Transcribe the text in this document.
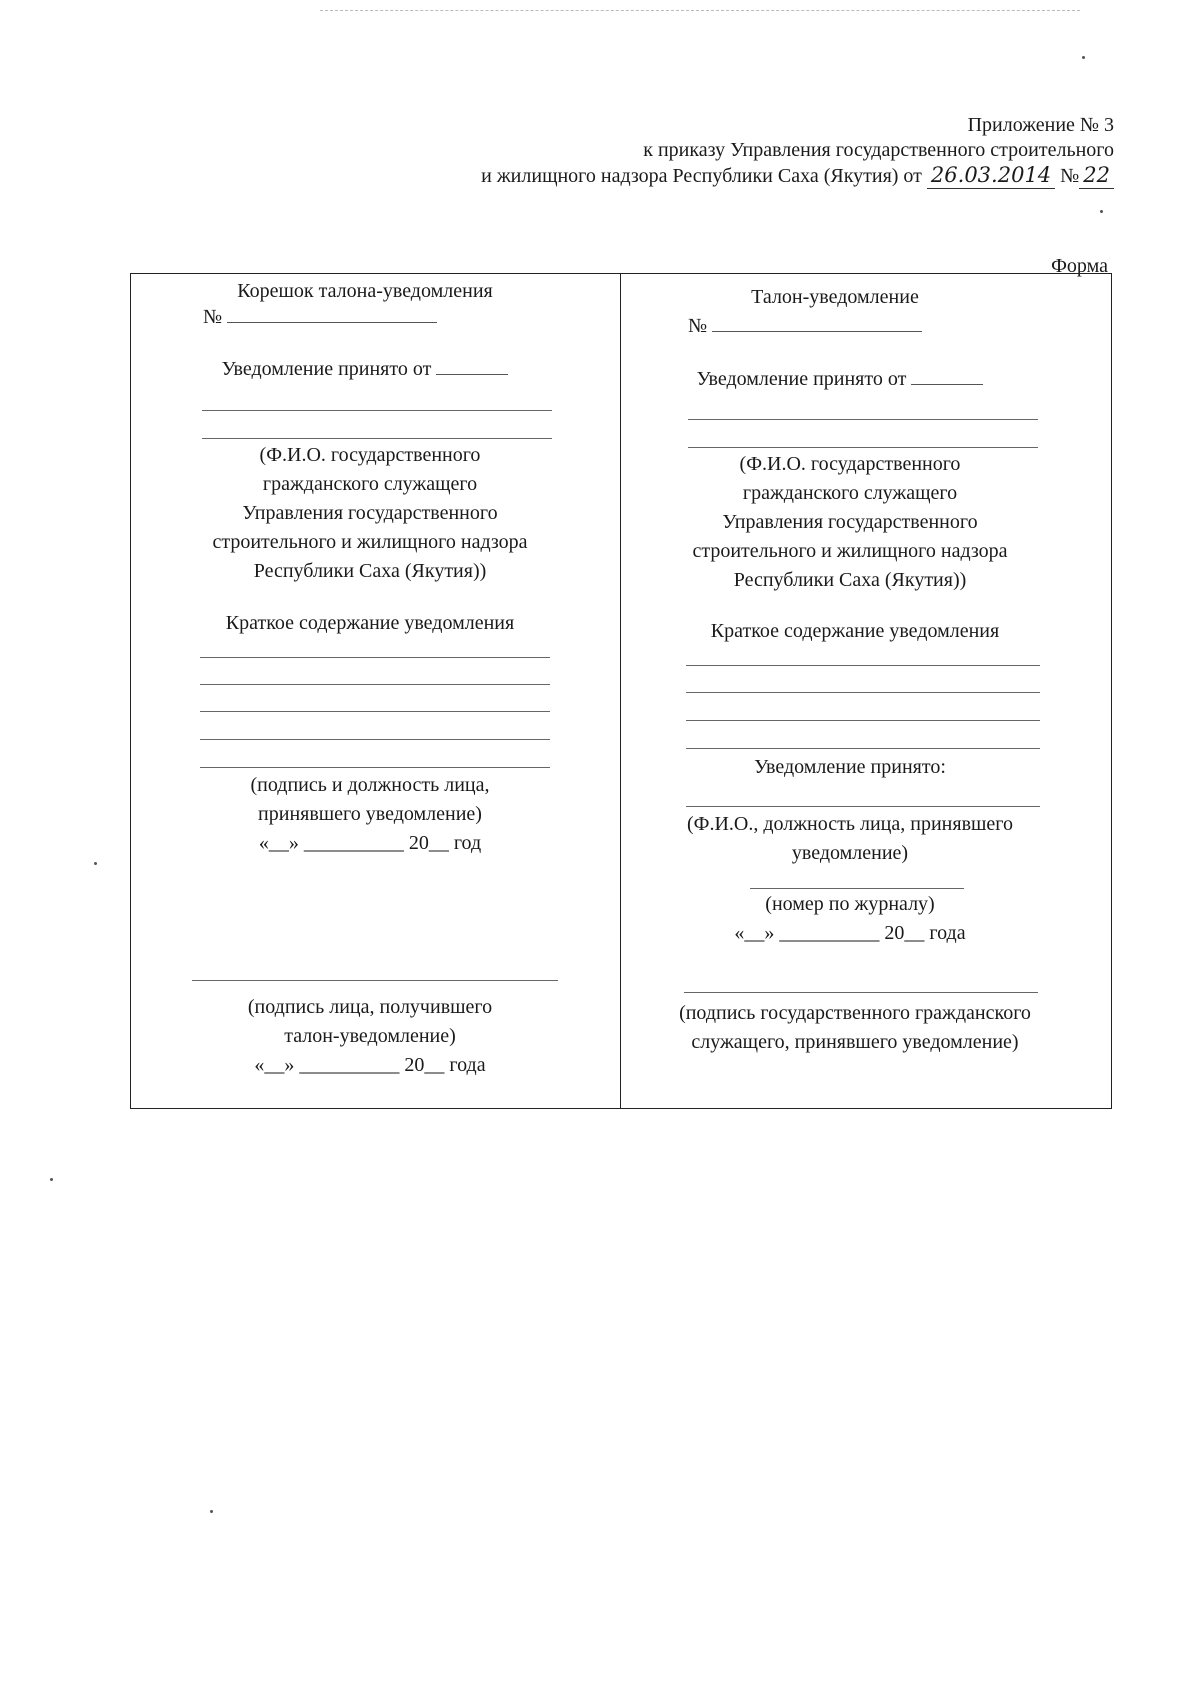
Приложение № 3
к приказу Управления государственного строительного
и жилищного надзора Республики Саха (Якутия) от 26.03.2014 № 22
Форма
Корешок талона-уведомления
№
Уведомление принято от
(Ф.И.О. государственного
гражданского служащего
Управления государственного
строительного и жилищного надзора
Республики Саха (Якутия))
Краткое содержание уведомления
(подпись и должность лица,
принявшего уведомление)
«__» __________ 20__ год
(подпись лица, получившего
талон-уведомление)
«__» __________ 20__ года
Талон-уведомление
№
Уведомление принято от
(Ф.И.О. государственного
гражданского служащего
Управления государственного
строительного и жилищного надзора
Республики Саха (Якутия))
Краткое содержание уведомления
Уведомление принято:
(Ф.И.О., должность лица, принявшего
уведомление)
(номер по журналу)
«__» __________ 20__ года
(подпись государственного гражданского
служащего, принявшего уведомление)
